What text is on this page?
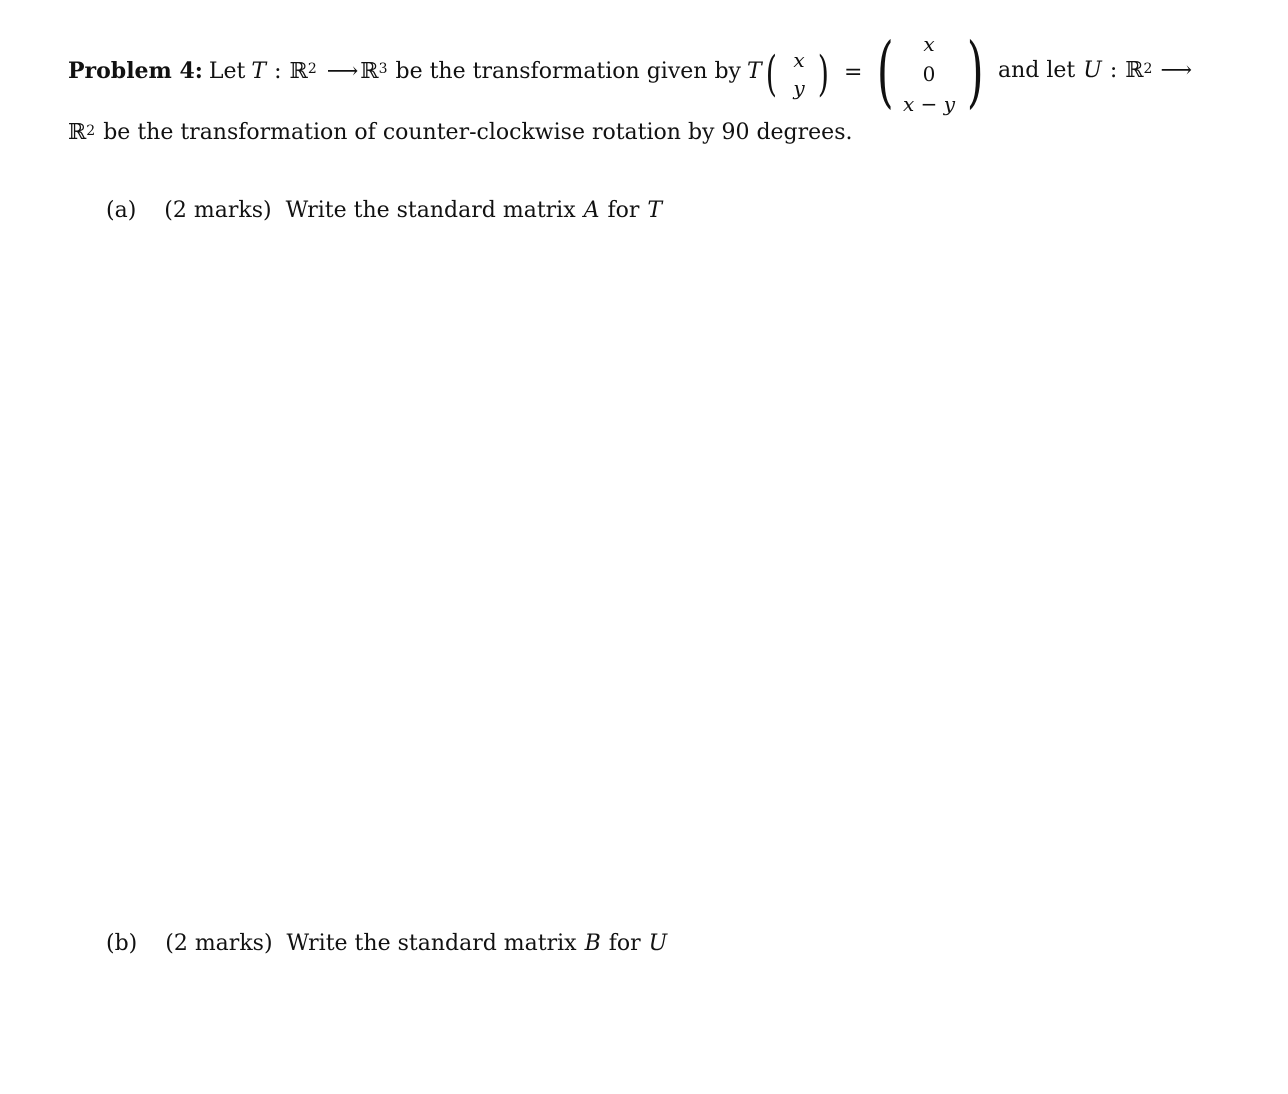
Problem 4: Let T : ℝ 2 ⟶ ℝ 3 be the transformation given by T ( x
y ) = (	x
0
x − y ) and let U : ℝ 2 ⟶
ℝ 2 be the transformation of counter-clockwise rotation by 90 degrees.
(a) (2 marks) Write the standard matrix A for T
(b) (2 marks) Write the standard matrix B for U
